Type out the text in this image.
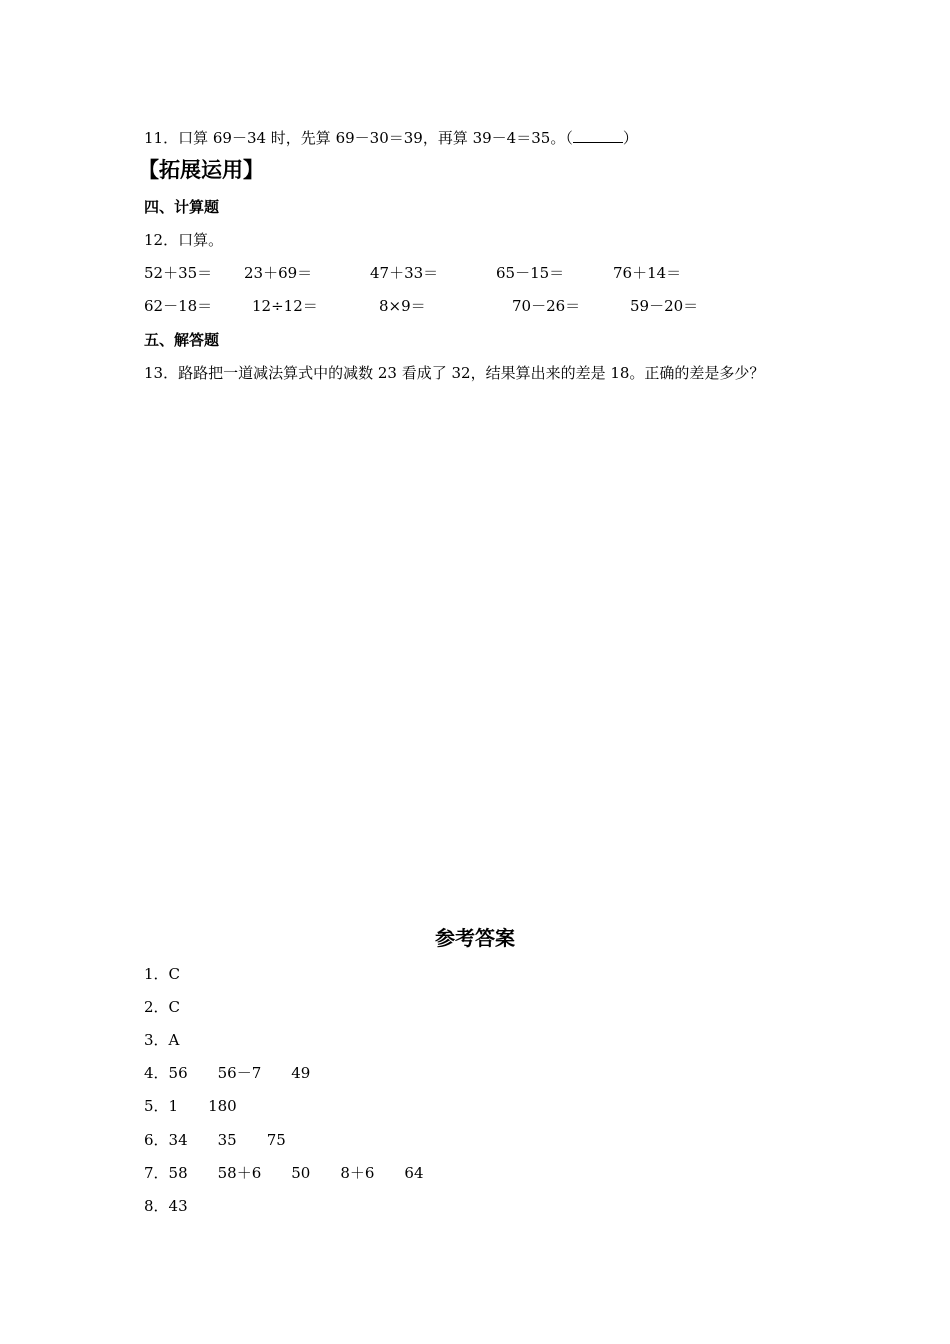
11．口算 69－34 时，先算 69－30＝39，再算 39－4＝35。（	）
【拓展运用】
四、计算题
12．口算。
52＋35＝ 23＋69＝	47＋33＝	65－15＝	76＋14＝
62－18＝	12÷12＝	8×9＝	70－26＝	59－20＝
五、解答题
13．路路把一道减法算式中的减数 23 看成了 32，结果算出来的差是 18。正确的差是多少？
参考答案
1．C
2．C
3．A
4．56　　56－7　　49
5．1　　180
6．34　　35　　75
7．58　　58＋6　　50　　8＋6　　64
8．43
